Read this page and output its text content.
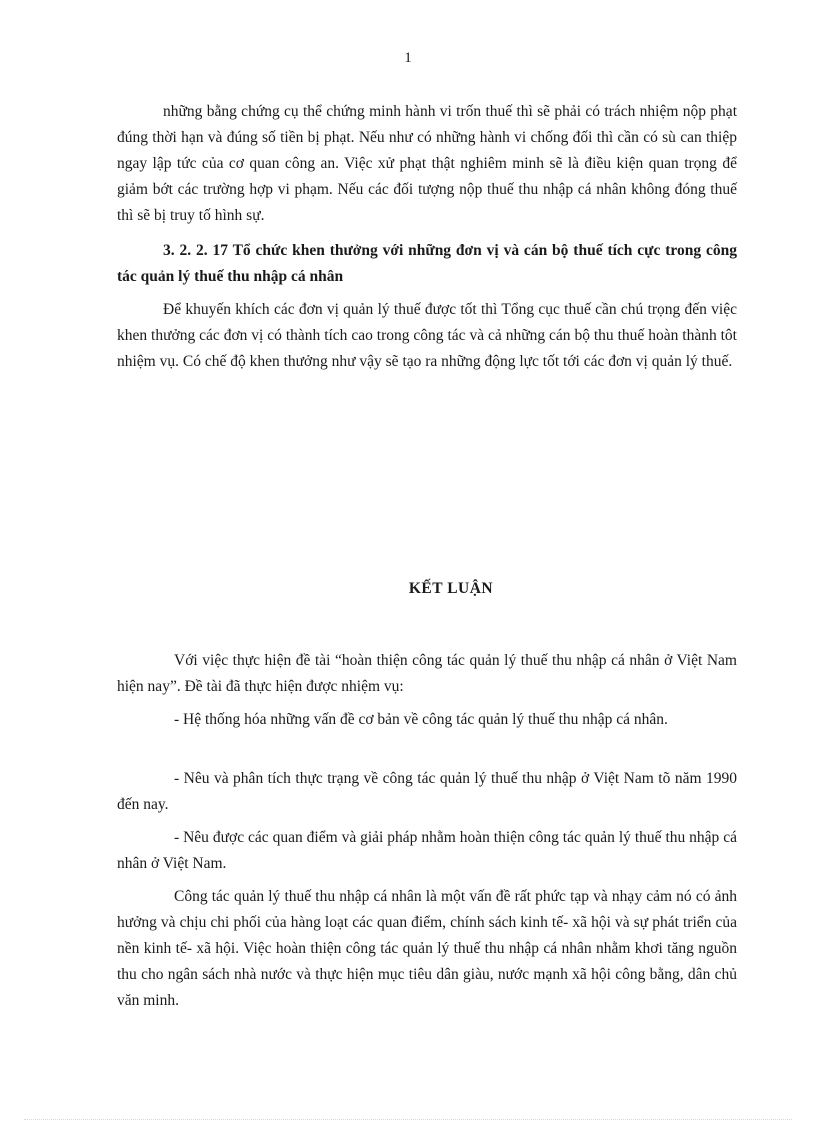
1

những bằng chứng cụ thể chứng minh hành vi trốn thuế thì sẽ phải có trách nhiệm nộp phạt đúng thời hạn và đúng số tiền bị phạt. Nếu như có những hành vi chống đối thì cần có sù can thiệp ngay lập tức của cơ quan công an. Việc xử phạt thật nghiêm minh sẽ là điều kiện quan trọng để giảm bớt các trường hợp vi phạm. Nếu các đối tượng nộp thuế thu nhập cá nhân không đóng thuế thì sẽ bị truy tố hình sự.

3. 2. 2. 17 Tổ chức khen thưởng với những đơn vị và cán bộ thuế tích cực trong công tác quản lý thuế thu nhập cá nhân

Để khuyến khích các đơn vị quản lý thuế được tốt thì Tổng cục thuế cần chú trọng đến việc khen thưởng các đơn vị có thành tích cao trong công tác và cả những cán bộ thu thuế hoàn thành tôt nhiệm vụ. Có chế độ khen thưởng như vậy sẽ tạo ra những động lực tốt tới các đơn vị quản lý thuế.

KẾT LUẬN

Với việc thực hiện đề tài “hoàn thiện công tác quản lý thuế thu nhập cá nhân ở Việt Nam hiện nay”. Đề tài đã thực hiện được nhiệm vụ:

- Hệ thống hóa những vấn đề cơ bản về công tác quản lý thuế thu nhập cá nhân.

- Nêu và phân tích thực trạng về công tác quản lý thuế thu nhập ở Việt Nam tõ năm 1990 đến nay.

- Nêu được các quan điểm và giải pháp nhằm hoàn thiện công tác quản lý thuế thu nhập cá nhân ở Việt Nam.

Công tác quản lý thuế thu nhập cá nhân là một vấn đề rất phức tạp và nhạy cảm nó có ảnh hưởng và chịu chi phối của hàng loạt các quan điểm, chính sách kinh tế- xã hội và sự phát triển của nền kinh tế- xã hội. Việc hoàn thiện công tác quản lý thuế thu nhập cá nhân nhằm khơi tăng nguồn thu cho ngân sách nhà nước và thực hiện mục tiêu dân giàu, nước mạnh xã hội công bằng, dân chủ văn minh.
